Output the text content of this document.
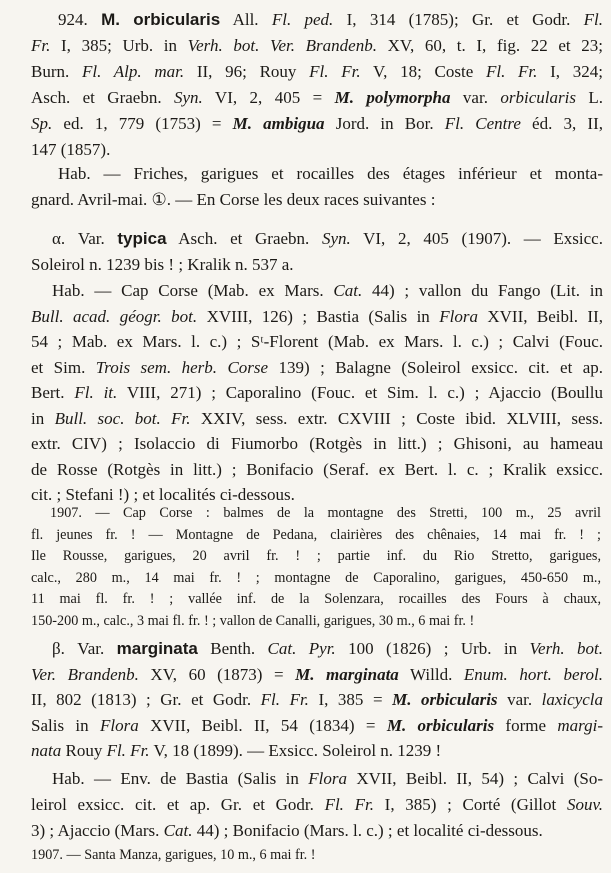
924. M. orbicularis All. Fl. ped. I, 314 (1785); Gr. et Godr. Fl.
Fr. I, 385; Urb. in Verh. bot. Ver. Brandenb. XV, 60, t. I, fig. 22 et 23;
Burn. Fl. Alp. mar. II, 96; Rouy Fl. Fr. V, 18; Coste Fl. Fr. I, 324;
Asch. et Graebn. Syn. VI, 2, 405 = M. polymorpha var. orbicularis L.
Sp. ed. 1, 779 (1753) = M. ambigua Jord. in Bor. Fl. Centre éd. 3, II,
147 (1857).
Hab. — Friches, garigues et rocailles des étages inférieur et monta-
gnard. Avril-mai. ①. — En Corse les deux races suivantes :
α. Var. typica Asch. et Graebn. Syn. VI, 2, 405 (1907). — Exsicc.
Soleirol n. 1239 bis ! ; Kralik n. 537 a.
Hab. — Cap Corse (Mab. ex Mars. Cat. 44) ; vallon du Fango (Lit. in
Bull. acad. géogr. bot. XVIII, 126) ; Bastia (Salis in Flora XVII, Beibl. II,
54 ; Mab. ex Mars. l. c.) ; Sᵗ-Florent (Mab. ex Mars. l. c.) ; Calvi (Fouc.
et Sim. Trois sem. herb. Corse 139) ; Balagne (Soleirol exsicc. cit. et ap.
Bert. Fl. it. VIII, 271) ; Caporalino (Fouc. et Sim. l. c.) ; Ajaccio (Boullu
in Bull. soc. bot. Fr. XXIV, sess. extr. CXVIII ; Coste ibid. XLVIII, sess.
extr. CIV) ; Isolaccio di Fiumorbo (Rotgès in litt.) ; Ghisoni, au hameau
de Rosse (Rotgès in litt.) ; Bonifacio (Seraf. ex Bert. l. c. ; Kralik exsicc.
cit. ; Stefani !) ; et localités ci-dessous.
1907. — Cap Corse : balmes de la montagne des Stretti, 100 m., 25 avril
fl. jeunes fr. ! — Montagne de Pedana, clairières des chênaies, 14 mai fr. ! ;
Ile Rousse, garigues, 20 avril fr. ! ; partie inf. du Rio Stretto, garigues,
calc., 280 m., 14 mai fr. ! ; montagne de Caporalino, garigues, 450-650 m.,
11 mai fl. fr. ! ; vallée inf. de la Solenzara, rocailles des Fours à chaux,
150-200 m., calc., 3 mai fl. fr. ! ; vallon de Canalli, garigues, 30 m., 6 mai fr. !
β. Var. marginata Benth. Cat. Pyr. 100 (1826) ; Urb. in Verh. bot.
Ver. Brandenb. XV, 60 (1873) = M. marginata Willd. Enum. hort. berol.
II, 802 (1813) ; Gr. et Godr. Fl. Fr. I, 385 = M. orbicularis var. laxicycla
Salis in Flora XVII, Beibl. II, 54 (1834) = M. orbicularis forme margi-
nata Rouy Fl. Fr. V, 18 (1899). — Exsicc. Soleirol n. 1239 !
Hab. — Env. de Bastia (Salis in Flora XVII, Beibl. II, 54) ; Calvi (So-
leirol exsicc. cit. et ap. Gr. et Godr. Fl. Fr. I, 385) ; Corté (Gillot Souv.
3) ; Ajaccio (Mars. Cat. 44) ; Bonifacio (Mars. l. c.) ; et localité ci-dessous.
1907. — Santa Manza, garigues, 10 m., 6 mai fr. !
